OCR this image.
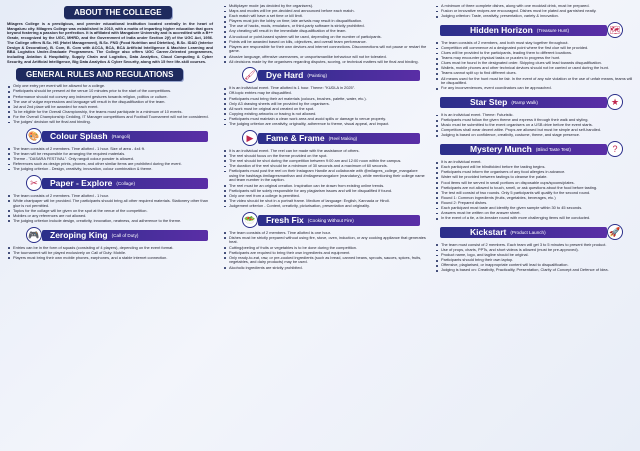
ABOUT THE COLLEGE

Milagres College is a prestigious, and premier educational institution located centrally in the heart of Mangaluru city. Milagres College was established in 2010, with a motto of imparting higher education that goes beyond fostering a passion for perfection. It is affiliated with Mangalore University and is accredited with a B++ Grade, recognized by the UGC, MHRD, and the Government of India under Section 2(f) of the UGC Act, 1956. The College offers B.Sc. HS (Hotel Management), B.Sc. FND (Food Nutrition and Dietetics), B.Sc. IDAD (Interior Design & Decoration), B. Com, B. Com with ACCA, BCA, BCA Artificial Intelligence & Machine Learning and BBA Logistics Under-Graduate Programmes. The College also offers UGC Career-Oriented programmes, including Aviation & Hospitality, Supply Chain and Logistics, Data Analytics, Cloud Computing & Cyber Security, and Artificial Intelligence, Big Data Analytics & Cyber Security, along with 15 free life-skill courses.

GENERAL RULES AND REGULATIONS
Only one entry per event will be allowed for a college.
Participants should be present at the venue 10 minutes prior to the start of the competitions.
Performance should not convey any indecent gestures towards religion, politics or culture.
The use of vulgar expressions and language will result in the disqualification of the team.
1st and 2nd place will be awarded for each event.
To be eligible for the Overall Championship, the teams must participate in a minimum of 10 events.
For the Overall Championship Cedding, IT Manager competitions and Football Tournament will not be considered.
The judges' decision will be final and binding.
🎨 Colour Splash (Rangoli)
The team consists of 2 members. Time allotted - 1 hour. Size of area - 4x4 ft.
The team will be responsible for arranging the required materials.
Theme - "DASARA FESTIVAL". Only rangoli colour powder is allowed.
References such as design prints, phones, and other similar items are prohibited during the event.
The judging criterion - Design, creativity, innovation, colour combination & theme.
✂	Paper - Explore (Collage)
The team consists of 2 members. Time allotted - 1 hour.
White chartpaper will be provided. The participants should bring all other required materials. Stationery other than glue is not permitted.
Topics for the collage will be given on the spot at the venue of the competition.
Mobiles or any references are not allowed.
The judging criterion include design, creativity, innovation, neatness, and adherence to the theme.
🎮 Zeroping King (Call of Duty)
Entries can be in the form of squads (consisting of 4 players), depending on the event format.
The tournament will be played exclusively on Call of Duty: Mobile.
Players must bring their own mobile phones, earphones, and a stable internet connection.
Multiplayer mode (as decided by the organisers).
Maps and modes will be pre-decided and announced before each match.
Each match will have a set time or kill limit.
Players must join the lobby on time; late arrivals may result in disqualification.
The use of hacks, mods, emulators, or third-party software is strictly prohibited.
Any cheating will result in the immediate disqualification of the team.
A knockout or point-based system will be used, depending on the number of participants.
Points will be awarded based on kills, objectives, and overall team performance.
Players are responsible for their own devices and internet connections. Disconnections will not pause or restart the game.
Abusive language, offensive usernames, or unsportsmanlike behaviour will not be tolerated.
All decisions made by the organisers regarding disputes, scoring, or technical matters will be final and binding.
🖌 Dye Hard (Painting)
It is an individual event. Time allotted is 1 hour. Theme: "KUDLA in 2025".
Off-topic entries may be disqualified.
Participants must bring their art materials (colours, brushes, palette, water, etc.).
Only A3 drawing sheets will be provided by the organisers.
All work must be original and created on the spot.
Copying existing artworks or tracing is not allowed.
Participants must maintain a clean work area and avoid spills or damage to venue property.
The judging criterion are creativity, originality, adherence to theme, visual appeal, and impact.
▶	Fame & Frame (Reel Making)
It is an individual event. The reel can be made with the assistance of others.
The reel should focus on the theme provided on the spot.
The reel should be shot during the competition between 9:00 am and 12:00 noon within the campus.
The duration of the reel should be a minimum of 30 seconds and a maximum of 60 seconds.
Participants must post the reel on their Instagram Handle and collaborate with @milagres_college_mangalore using the hashtags #milagresmanthan and #milagresmangalore (mandatory), while mentioning their college name and team number in the caption.
The reel must be an original creation. Inspiration can be drawn from existing online trends.
Participants will be solely responsible for any plagiarism issues and will be disqualified if found.
Only one reel from a college is permitted.
The video should be shot in a portrait frame. Medium of language: English, Kannada or Hindi.
Judgement criterion - Content, creativity, picturisation, presentation and originality.
🥗 Fresh Fix (Cooking Without Fire)
The team consists of 2 members. Time allotted is one hour.
Dishes must be strictly prepared without using fire, stove, oven, induction, or any cooking appliance that generates heat.
Cutting/peeling of fruits or vegetables is to be done during the competition.
Participants are required to bring their own ingredients and equipment.
Only ready-to-eat, raw, or pre-cooked ingredients (such as bread, canned beans, sprouts, sauces, spices, fruits, vegetables, and dairy products) may be used.
Alcoholic ingredients are strictly prohibited.
A minimum of three complete dishes, along with one mocktail drink, must be prepared.
Fusion or innovative recipes are encouraged. Dishes must be plated and garnished neatly.
Judging criterion: Taste, creativity, presentation, variety & innovation.
Hidden Horizon (Treasure Hunt)	🗺
The team consists of 2 members, and both must stay together throughout.
Competition will commence at a designated point where the first clue will be provided.
Clues will be provided to the participants, leading them to different locations.
Teams may encounter physical tasks or puzzles to progress the hunt.
Clues must be found in the designated order. Skipping clues will lead towards disqualification.
Wallets, mobile phones and other technical devices should not be carried or used during the hunt.
Teams cannot split up to find different clues.
All means used for the hunt must be fair. In the event of any rule violation or the use of unfair means, teams will be disqualified.
For any inconveniences, event coordinators can be approached.
Star Step (Ramp Walk)	★
It is an individual event. Theme: Futuristic.
Participants must follow the given theme and express it through their walk and styling.
Music must be submitted to the event organisers on a USB drive before the event starts.
Competitors shall wear decent attire. Props are allowed but must be simple and self-handled.
Judging is based on confidence, creativity, costume, theme, and stage presence.
Mystery Munch (Blind Taste Test)	?
It is an individual event.
Each participant will be blindfolded before the tasting begins.
Participants must inform the organisers of any food allergies in advance.
Water will be provided between tastings to cleanse the palate.
Food items will be served in small portions on disposable cups/spoons/plates.
Participants are not allowed to touch, smell, or ask questions about the food before tasting.
The test will consist of two rounds. Only 5 participants will qualify for the second round.
Round 1: Common ingredients (fruits, vegetables, beverages, etc.)
Round 2: Prepared dishes.
Each participant must taste and identify the given sample within 30 to 45 seconds.
Answers must be written on the answer sheet.
In the event of a tie, a tie-breaker round with more challenging items will be conducted.
Kickstart (Product Launch)	🚀
The team must consist of 2 members. Each team will get 3 to 5 minutes to present their product.
Use of props, charts, PPTs, and short videos is allowed (must be pre-approved).
Product name, logo, and tagline should be original.
Participants should bring their own laptop.
Offensive, plagiarised, or inappropriate content will lead to disqualification.
Judging is based on: Creativity, Practicality, Presentation, Clarity of Concept and Defence of Idea.
